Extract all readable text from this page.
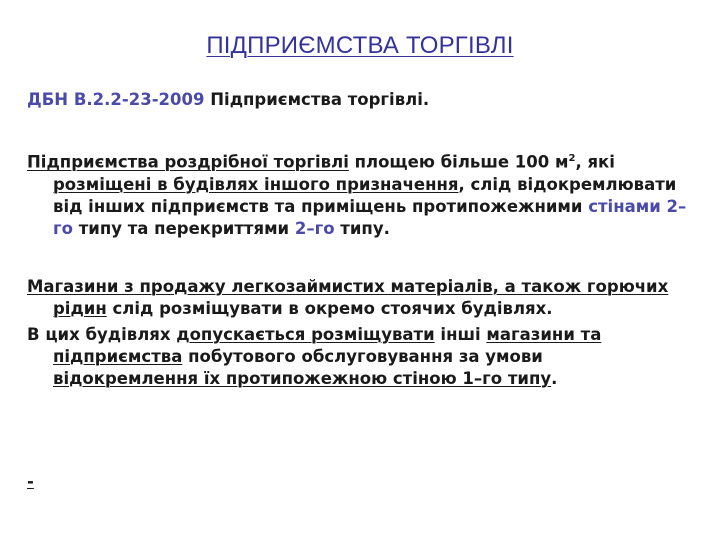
ПІДПРИЄМСТВА ТОРГІВЛІ

ДБН В.2.2-23-2009 Підприємства торгівлі.

Підприємства роздрібної торгівлі площею більше 100 $м^2$, які розміщені в будівлях іншого призначення, слід відокремлювати від інших підприємств та приміщень протипожежними стінами 2–го типу та перекриттями 2–го типу.

Магазини з продажу легкозаймистих матеріалів, а також горючих рідин слід розміщувати в окремо стоячих будівлях.

В цих будівлях допускається розміщувати інші магазини та підприємства побутового обслуговування за умови відокремлення їх протипожежною стіною 1–го типу.

-
